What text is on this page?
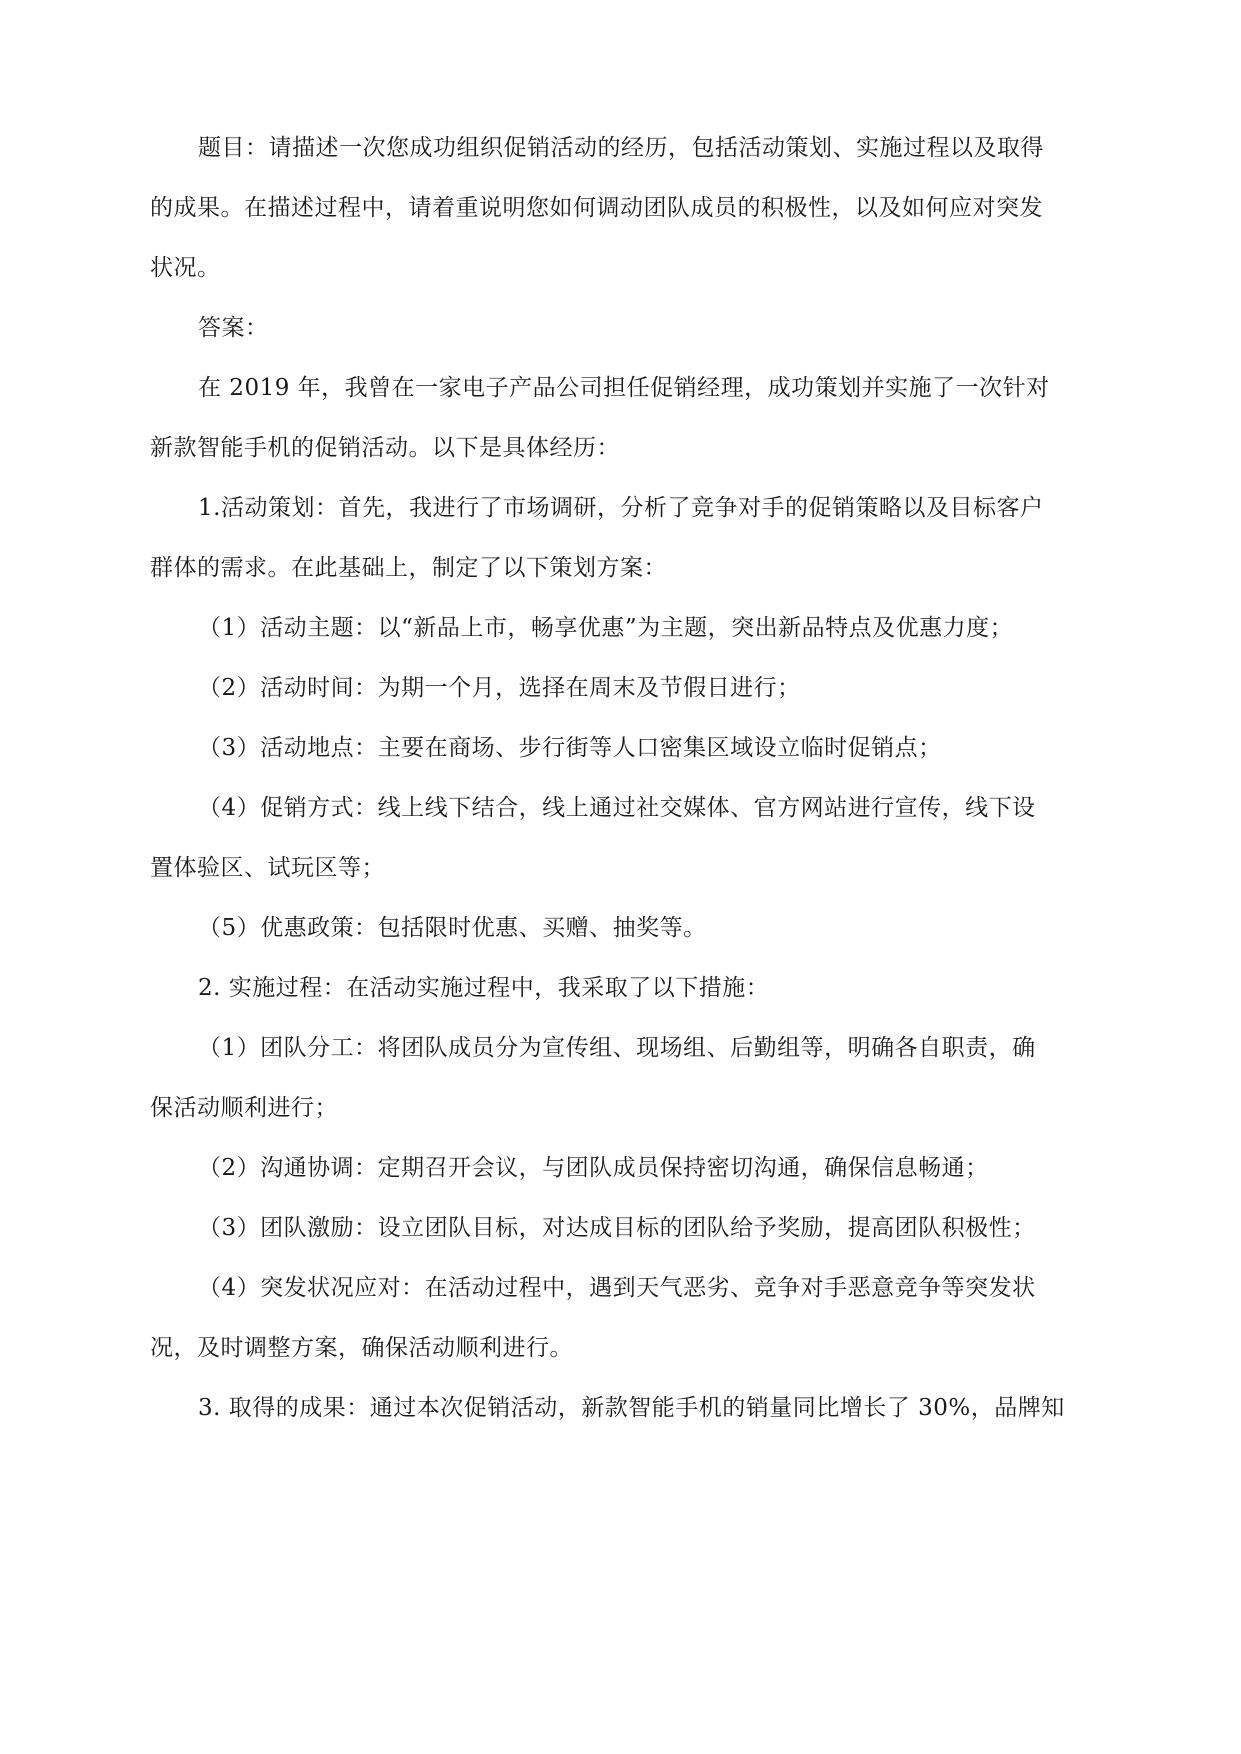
题目：请描述一次您成功组织促销活动的经历，包括活动策划、实施过程以及取得
的成果。在描述过程中，请着重说明您如何调动团队成员的积极性，以及如何应对突发
状况。
答案：
在 2019 年，我曾在一家电子产品公司担任促销经理，成功策划并实施了一次针对
新款智能手机的促销活动。以下是具体经历：
1.活动策划：首先，我进行了市场调研，分析了竞争对手的促销策略以及目标客户
群体的需求。在此基础上，制定了以下策划方案：
（1）活动主题：以“新品上市，畅享优惠”为主题，突出新品特点及优惠力度；
（2）活动时间：为期一个月，选择在周末及节假日进行；
（3）活动地点：主要在商场、步行街等人口密集区域设立临时促销点；
（4）促销方式：线上线下结合，线上通过社交媒体、官方网站进行宣传，线下设
置体验区、试玩区等；
（5）优惠政策：包括限时优惠、买赠、抽奖等。
2. 实施过程：在活动实施过程中，我采取了以下措施：
（1）团队分工：将团队成员分为宣传组、现场组、后勤组等，明确各自职责，确
保活动顺利进行；
（2）沟通协调：定期召开会议，与团队成员保持密切沟通，确保信息畅通；
（3）团队激励：设立团队目标，对达成目标的团队给予奖励，提高团队积极性；
（4）突发状况应对：在活动过程中，遇到天气恶劣、竞争对手恶意竞争等突发状
况，及时调整方案，确保活动顺利进行。
3. 取得的成果：通过本次促销活动，新款智能手机的销量同比增长了 30%，品牌知
